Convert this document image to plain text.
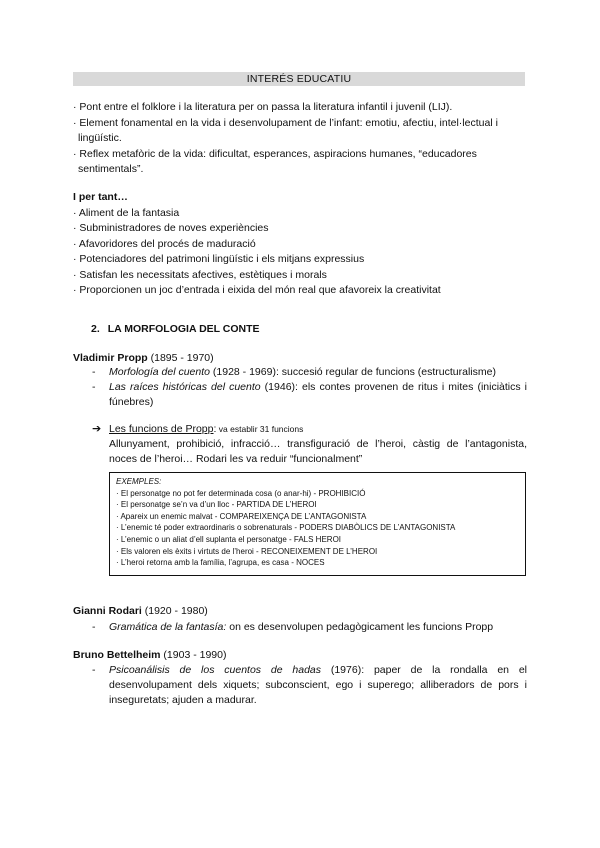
INTERÉS EDUCATIU
· Pont entre el folklore i la literatura per on passa la literatura infantil i juvenil (LIJ).
· Element fonamental en la vida i desenvolupament de l’infant: emotiu, afectiu, intel·lectual i lingüístic.
· Reflex metafòric de la vida: dificultat, esperances, aspiracions humanes, “educadores sentimentals”.
I per tant…
· Aliment de la fantasia
· Subministradores de noves experiències
· Afavoridores del procés de maduració
· Potenciadores del patrimoni lingüístic i els mitjans expressius
· Satisfan les necessitats afectives, estètiques i morals
· Proporcionen un joc d’entrada i eixida del món real que afavoreix la creativitat
2. LA MORFOLOGIA DEL CONTE
Vladimir Propp (1895 - 1970)
- Morfología del cuento (1928 - 1969): succesió regular de funcions (estructuralisme)
- Las raíces históricas del cuento (1946): els contes provenen de ritus i mites (iniciàtics i fúnebres)
➔ Les funcions de Propp: va establir 31 funcions
Allunyament, prohibició, infracció… transfiguració de l’heroi, càstig de l’antagonista, noces de l’heroi… Rodari les va reduir “funcionalment”
EXEMPLES:
· El personatge no pot fer determinada cosa (o anar-hi) - PROHIBICIÓ
· El personatge se’n va d’un lloc - PARTIDA DE L’HEROI
· Apareix un enemic malvat - COMPAREIXENÇA DE L’ANTAGONISTA
· L’enemic té poder extraordinaris o sobrenaturals - PODERS DIABÒLICS DE L’ANTAGONISTA
· L’enemic o un aliat d’ell suplanta el personatge - FALS HEROI
· Els valoren els èxits i virtuts de l’heroi - RECONEIXEMENT DE L’HEROI
· L’heroi retorna amb la família, l’agrupa, es casa - NOCES
Gianni Rodari (1920 - 1980)
- Gramática de la fantasía: on es desenvolupen pedagògicament les funcions Propp
Bruno Bettelheim (1903 - 1990)
- Psicoanálisis de los cuentos de hadas (1976): paper de la rondalla en el desenvolupament dels xiquets; subconscient, ego i superego; alliberadors de pors i inseguretats; ajuden a madurar.
